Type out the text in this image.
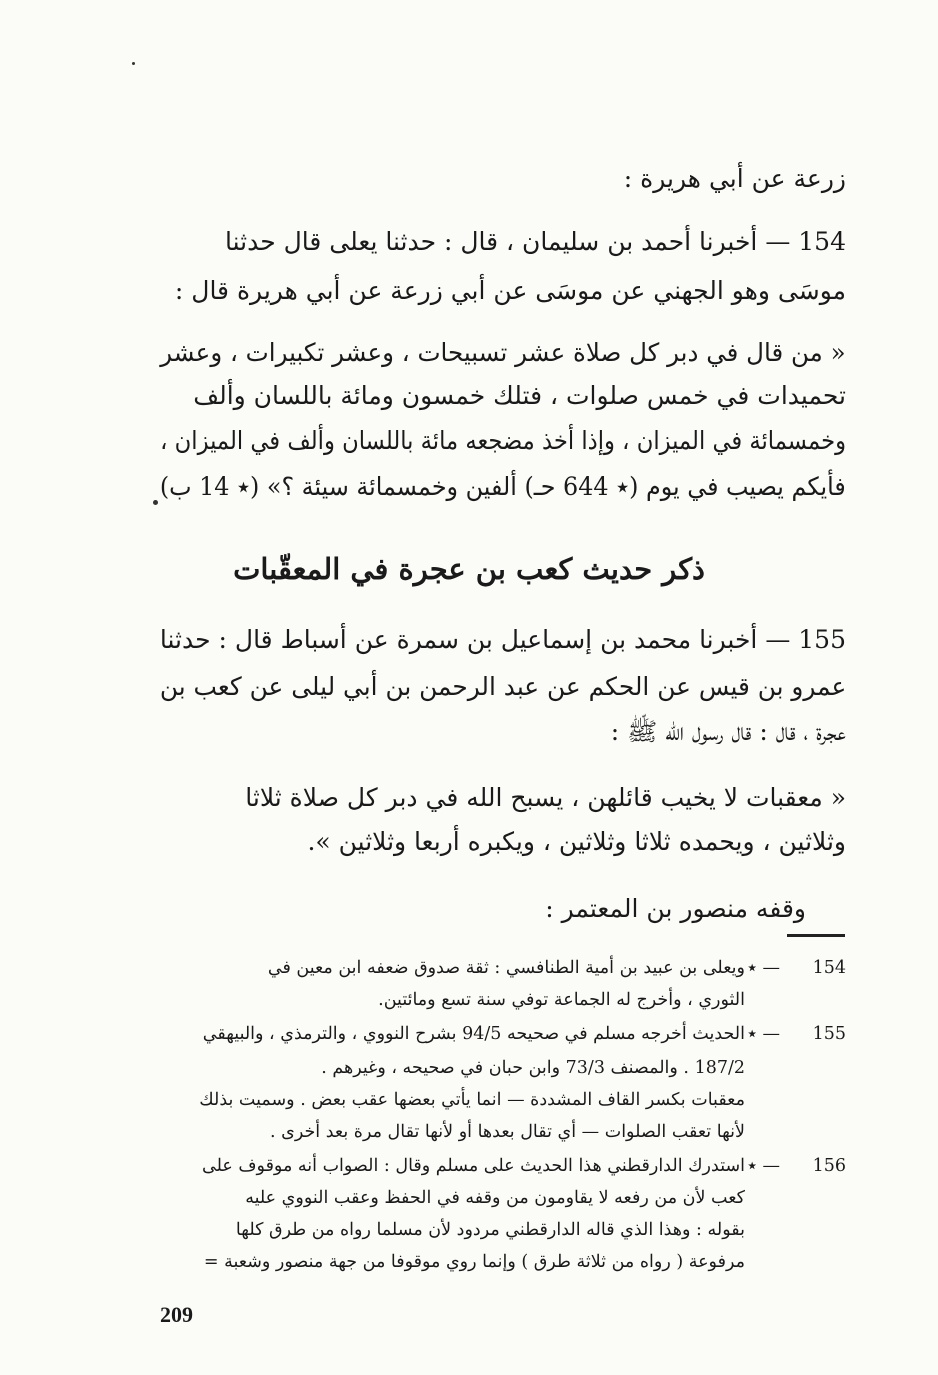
زرعة عن أبي هريرة :
154 — أخبرنا أحمد بن سليمان ، قال : حدثنا يعلى قال حدثنا
موسَى وهو الجهني عن موسَى عن أبي زرعة عن أبي هريرة قال :
« من قال في دبر كل صلاة عشر تسبيحات ، وعشر تكبيرات ، وعشر
تحميدات في خمس صلوات ، فتلك خمسون ومائة باللسان وألف
وخمسمائة في الميزان ، وإذا أخذ مضجعه مائة باللسان وألف في الميزان ،
فأيكم يصيب في يوم (٭ 644 حـ) ألفين وخمسمائة سيئة ؟» (٭ 14 ب)
ذكر حديث كعب بن عجرة في المعقّبات
155 — أخبرنا محمد بن إسماعيل بن سمرة عن أسباط قال : حدثنا
عمرو بن قيس عن الحكم عن عبد الرحمن بن أبي ليلى عن كعب بن
عجرة ، قال : قال رسول الله ﷺ :
« معقبات لا يخيب قائلهن ، يسبح الله في دبر كل صلاة ثلاثا
وثلاثين ، ويحمده ثلاثا وثلاثين ، ويكبره أربعا وثلاثين ».
وقفه منصور بن المعتمر :
154
— ٭
ويعلى بن عبيد بن أمية الطنافسي : ثقة صدوق ضعفه ابن معين في
الثوري ، وأخرج له الجماعة توفي سنة تسع ومائتين.
155
— ٭
الحديث أخرجه مسلم في صحيحه 94/5 بشرح النووي ، والترمذي ، والبيهقي
187/2 . والمصنف 73/3 وابن حبان في صحيحه ، وغيرهم .
معقبات بكسر القاف المشددة — انما يأتي بعضها عقب بعض . وسميت بذلك
لأنها تعقب الصلوات — أي تقال بعدها أو لأنها تقال مرة بعد أخرى .
156
— ٭
استدرك الدارقطني هذا الحديث على مسلم وقال : الصواب أنه موقوف على
كعب لأن من رفعه لا يقاومون من وقفه في الحفظ وعقب النووي عليه
بقوله : وهذا الذي قاله الدارقطني مردود لأن مسلما رواه من طرق كلها
مرفوعة ( رواه من ثلاثة طرق ) وإنما روي موقوفا من جهة منصور وشعبة =
209
